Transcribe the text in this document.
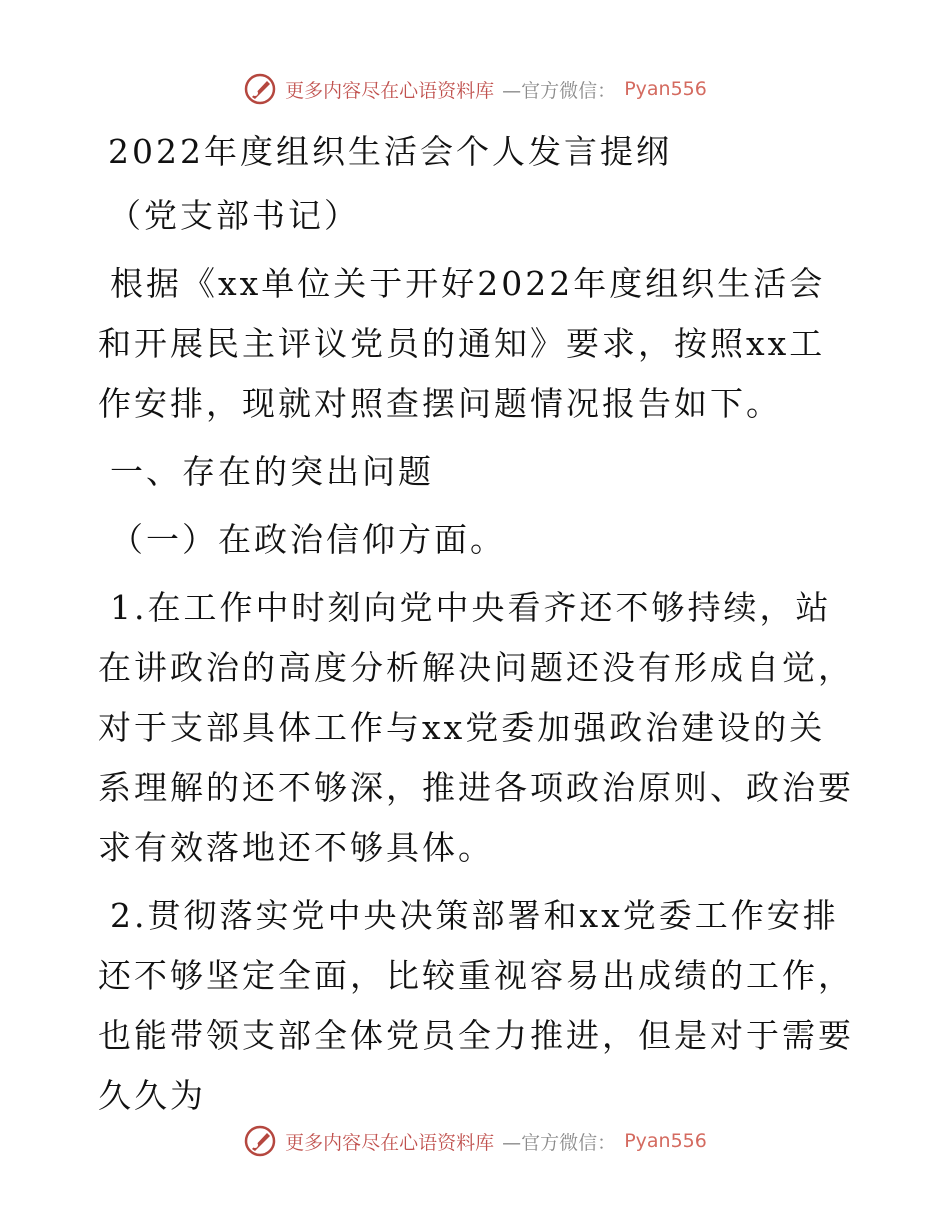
更多内容尽在心语资料库 —官方微信： Pyan556

2022年度组织生活会个人发言提纲

（党支部书记）

根据《xx单位关于开好2022年度组织生活会和开展民主评议党员的通知》要求，按照xx工作安排，现就对照查摆问题情况报告如下。

一、存在的突出问题

（一）在政治信仰方面。

1.在工作中时刻向党中央看齐还不够持续，站在讲政治的高度分析解决问题还没有形成自觉，对于支部具体工作与xx党委加强政治建设的关系理解的还不够深，推进各项政治原则、政治要求有效落地还不够具体。

2.贯彻落实党中央决策部署和xx党委工作安排还不够坚定全面，比较重视容易出成绩的工作，也能带领支部全体党员全力推进，但是对于需要久久为

更多内容尽在心语资料库 —官方微信： Pyan556
